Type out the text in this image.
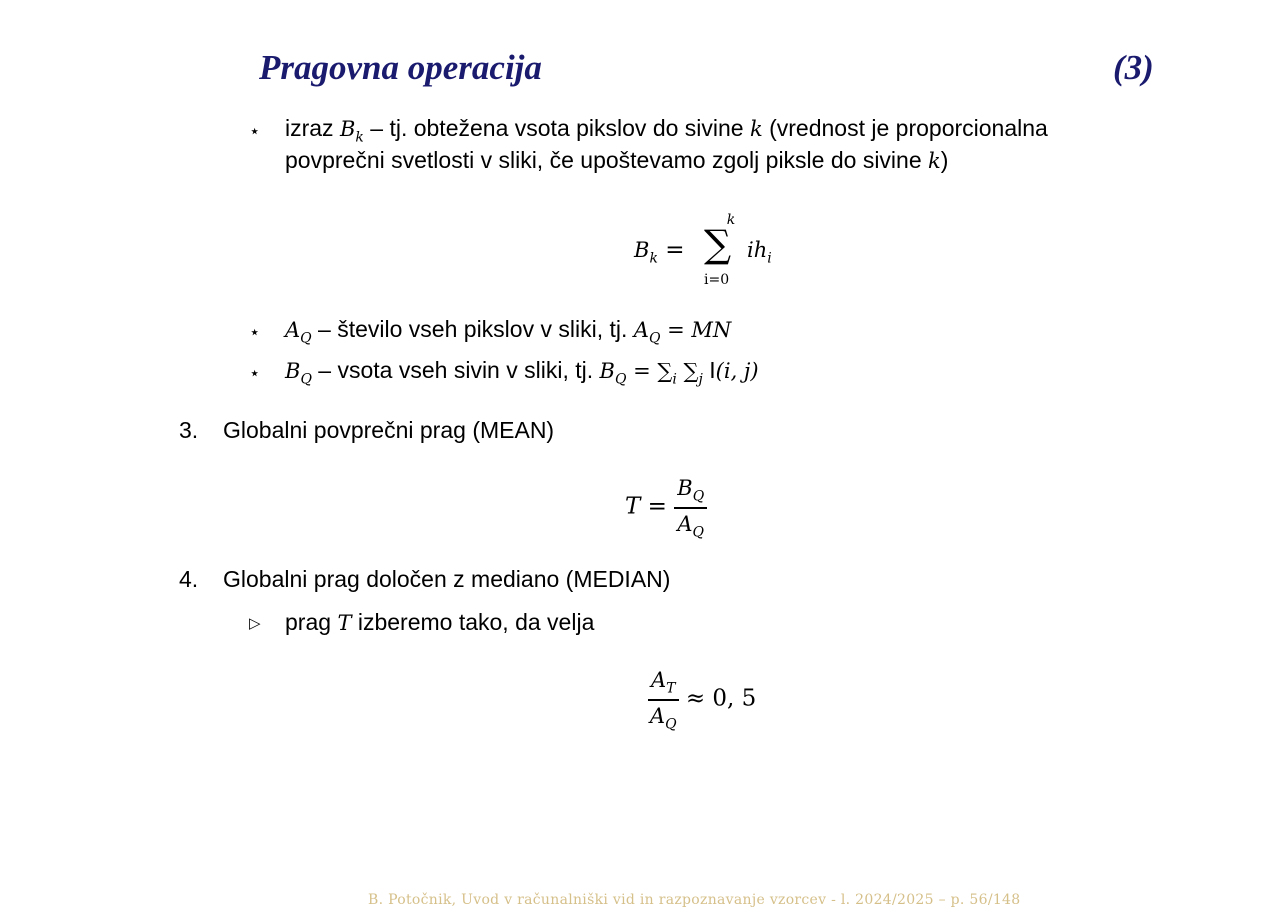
Pragovna operacija	(3)
⋆ izraz $B_k$ – tj. obtežena vsota pikslov do sivine k (vrednost je proporcionalna
povprečni svetlosti v sliki, če upoštevamo zgolj piksle do sivine k)
$B_k$ =
k
∑
i=0
$ih_i$
⋆ $A_Q$ – število vseh pikslov v sliki, tj. $A_Q$ = MN
⋆ $B_Q$ – vsota vseh sivin v sliki, tj. $B_Q = \sum_i$ $\sum_j$ I(i, j)
3. Globalni povprečni prag (MEAN)
$T = \frac{B_Q}{A_Q}$
4. Globalni prag določen z mediano (MEDIAN)
▷ prag T izberemo tako, da velja
$\frac{A_T}{A_Q} \approx 0$, 5
B. Potočnik, Uvod v računalniški vid in razpoznavanje vzorcev - l. 2024/2025 – p. 56/148
